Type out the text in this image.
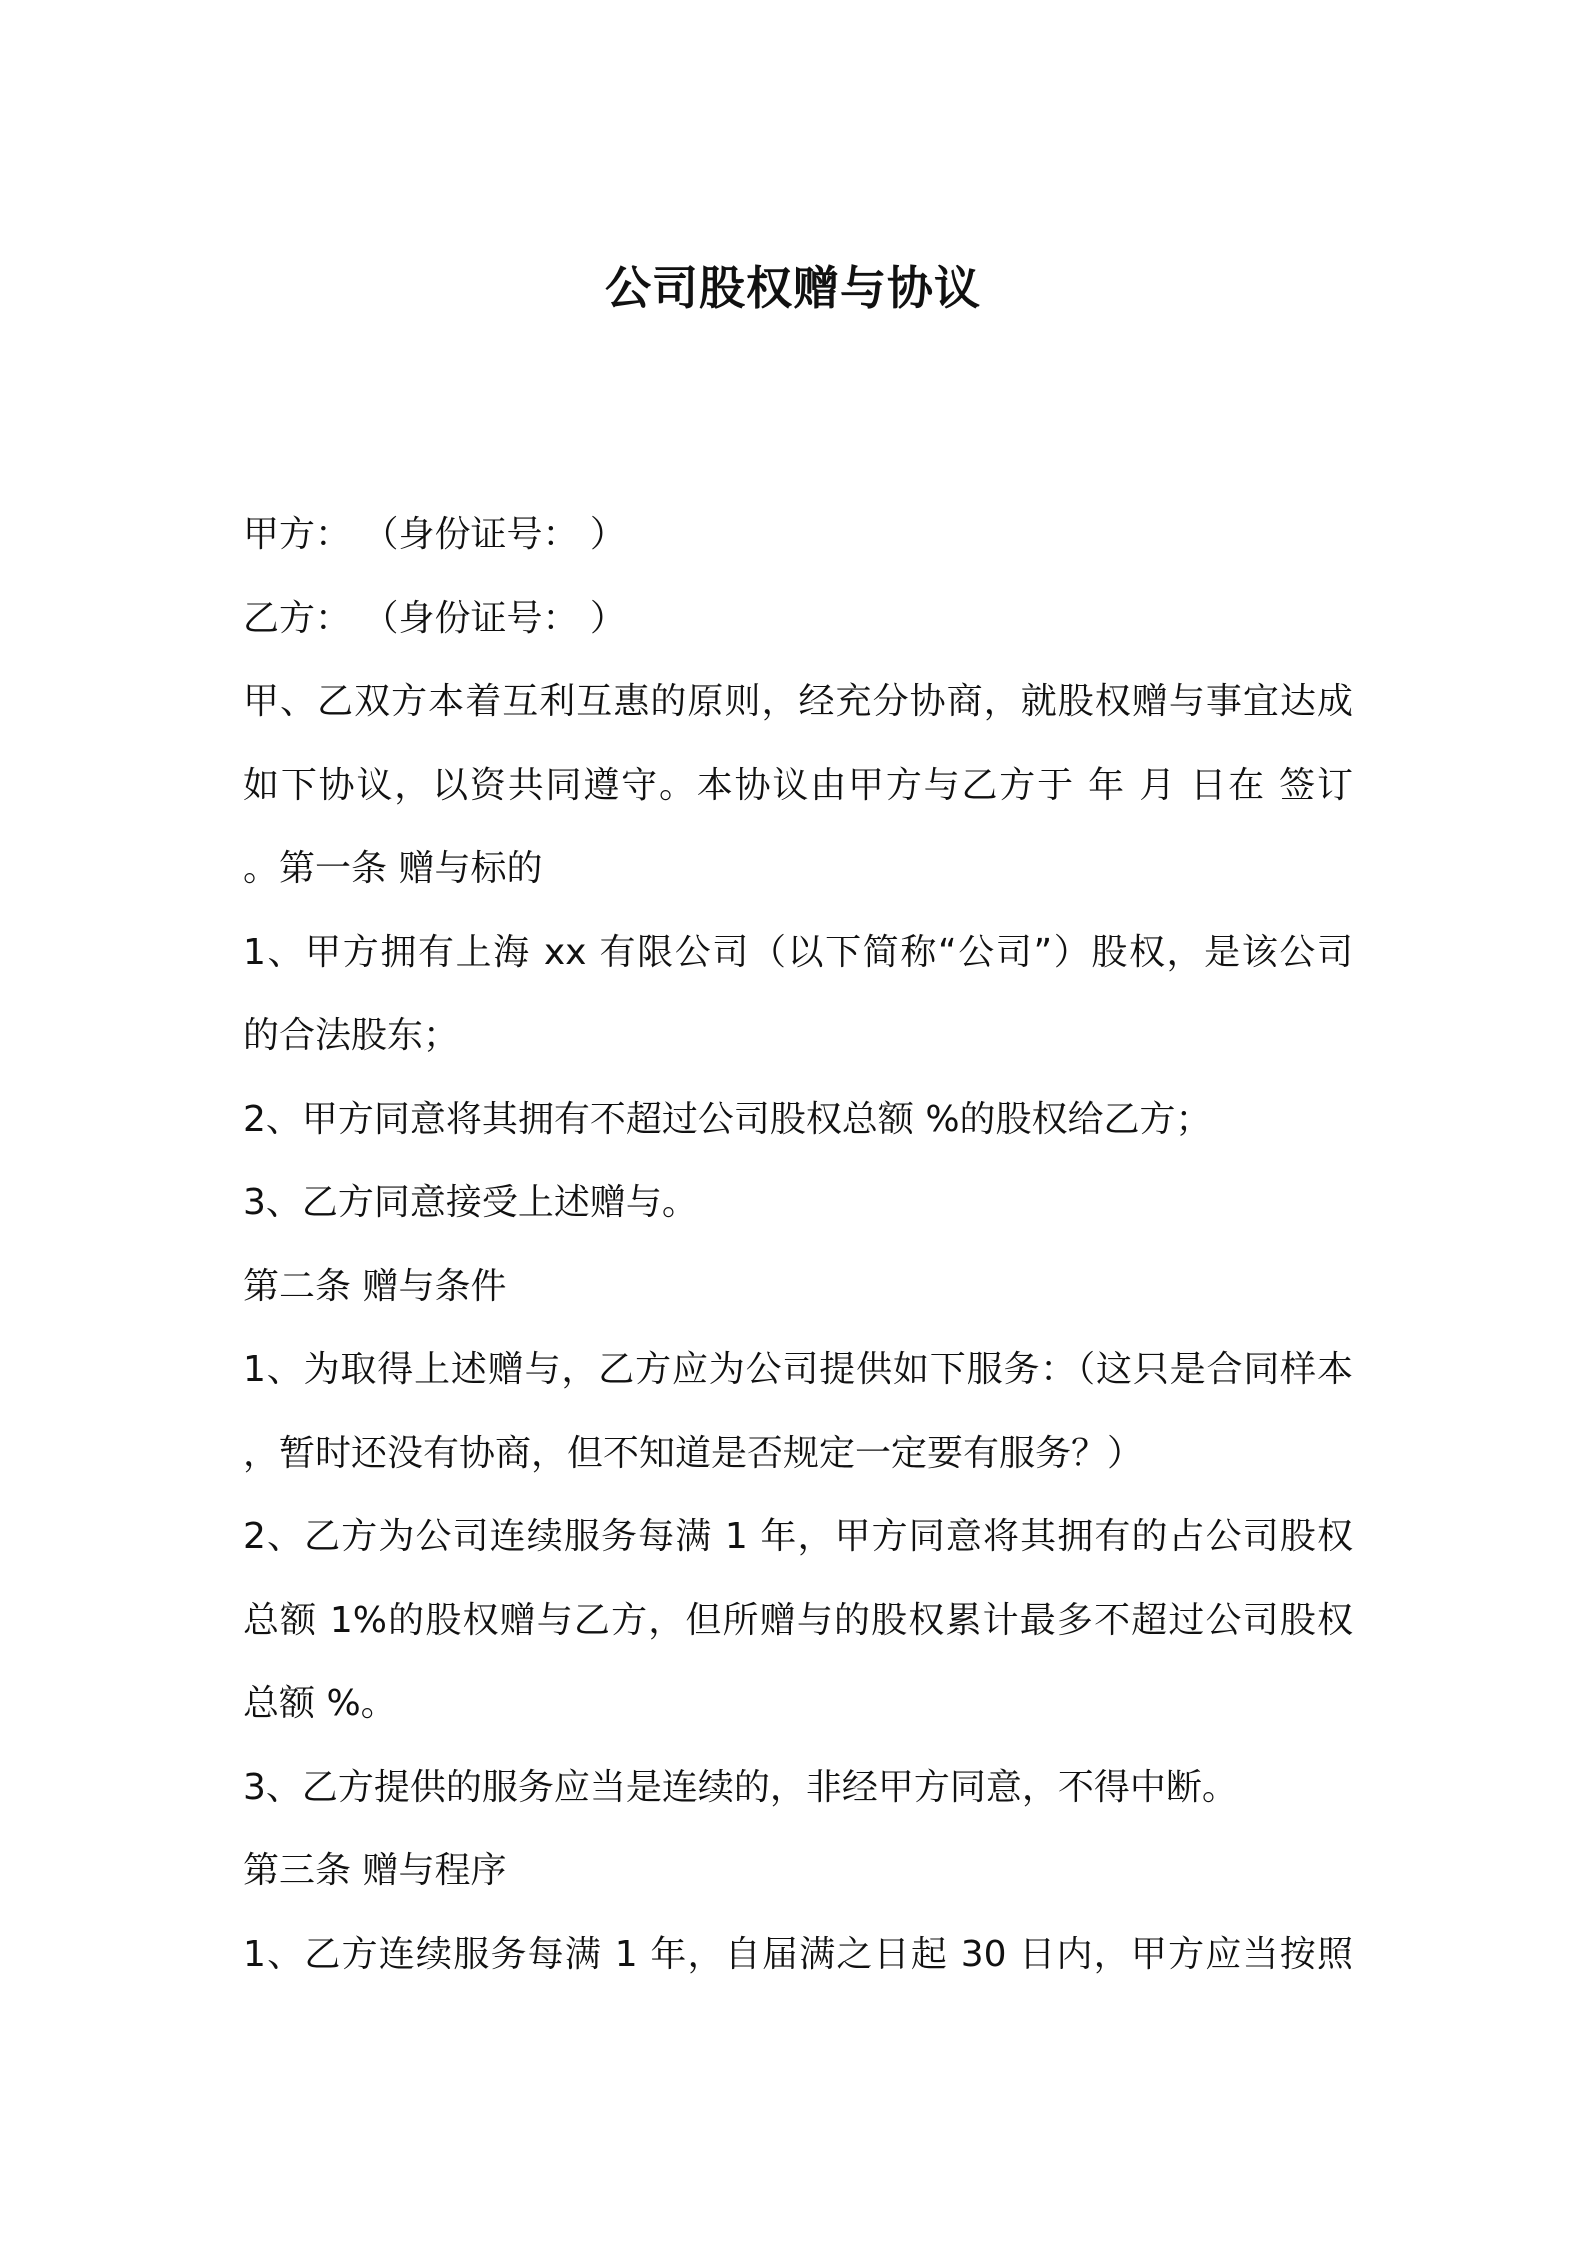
公司股权赠与协议
甲方： （身份证号： ）
乙方： （身份证号： ）
甲、乙双方本着互利互惠的原则，经充分协商，就股权赠与事宜达成
如下协议，以资共同遵守。本协议由甲方与乙方于 年 月 日在 签订
。第一条 赠与标的
1、甲方拥有上海 xx 有限公司（以下简称“公司”）股权，是该公司
的合法股东；
2、甲方同意将其拥有不超过公司股权总额 %的股权给乙方；
3、乙方同意接受上述赠与。
第二条 赠与条件
1、为取得上述赠与，乙方应为公司提供如下服务：（这只是合同样本
，暂时还没有协商，但不知道是否规定一定要有服务？）
2、乙方为公司连续服务每满 1 年，甲方同意将其拥有的占公司股权
总额 1%的股权赠与乙方，但所赠与的股权累计最多不超过公司股权
总额 %。
3、乙方提供的服务应当是连续的，非经甲方同意，不得中断。
第三条 赠与程序
1、乙方连续服务每满 1 年，自届满之日起 30 日内，甲方应当按照
